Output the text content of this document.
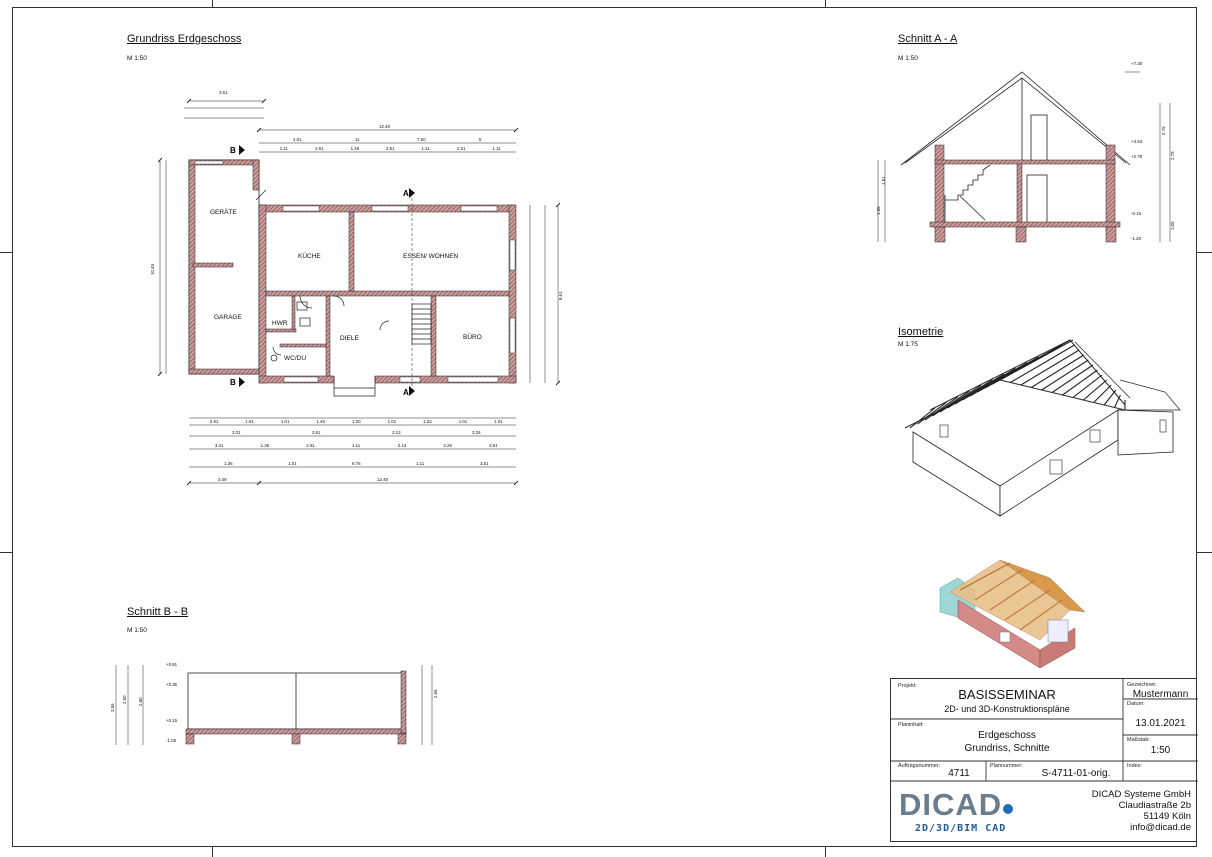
Grundriss Erdgeschoss
M 1:50
Schnitt A - A
M 1:50
Isometrie
M 1:75
Schnitt B - B
M 1:50
GERÄTE
GARAGE
KÜCHE	ESSEN/ WOHNEN
HWR
WC/DU
DIELE	BÜRO
A
A
B
B
12.49
3.61
12.49
3.49
10.49
8.61
4.01	11	7.60	5
1.11	2.51	1.46	2.51	1.11	2.51	1.11
2.51	1.61	1.01	1.46	1.00	1.01	1.24	1.01	1.01
3.31	2.61	2.13	3.26
3.31	1.36	2.51	1.11	2.13	2.26	3.51
1.36	1.01	6.76	1.11	3.51
+7.35
+3.53
+2.78
-0.15
-1.20
2.75
2.75
1.81
1.55
1.05
+0.81
+0.35
+0.15
-1.05
3.56
2.50	2.50
2.66
Projekt:
BASISSEMINAR
2D- und 3D-Konstruktionspläne
Gezeichnet:
Mustermann
Datum:
13.01.2021
Planinhalt:
Erdgeschoss
Grundriss, Schnitte
Maßstab:
1:50
Auftragsnummer:
4711
Plannummer:
S-4711-01-orig.
Index:
DICAD
2D/3D/BIM CAD
DICAD Systeme GmbH
Claudiastraße 2b
51149 Köln
info@dicad.de
